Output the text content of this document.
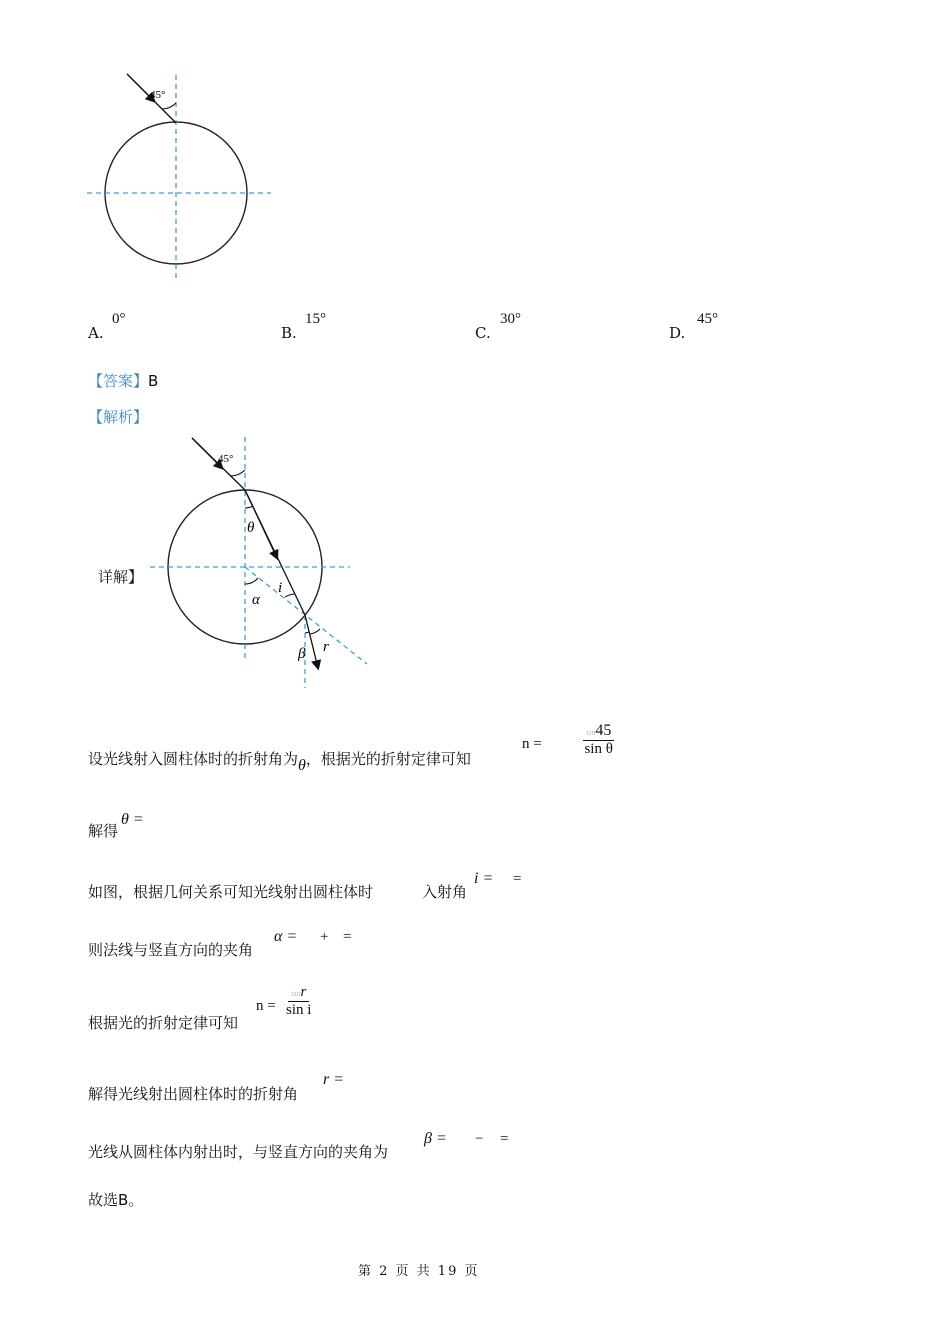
45°
A.
0°
B.
15°
C.
30°
D.
45°
【答案】B
【解析】
45°
θ
α
i
r
β
详解】
设光线射入圆柱体时的折射角为θ，根据光的折射定律可知
n =	$\frac{\sin 45}{\text{sin θ}}$
解得
θ =
如图，根据几何关系可知光线射出圆柱体时	入射角
i = =
则法线与竖直方向的夹角
α = + =
根据光的折射定律可知
$n = \frac{\sin r}{\text{sin i}}$
解得光线射出圆柱体时的折射角
r =
光线从圆柱体内射出时，与竖直方向的夹角为
β = − =
故选B。
第 2 页 共 19 页
